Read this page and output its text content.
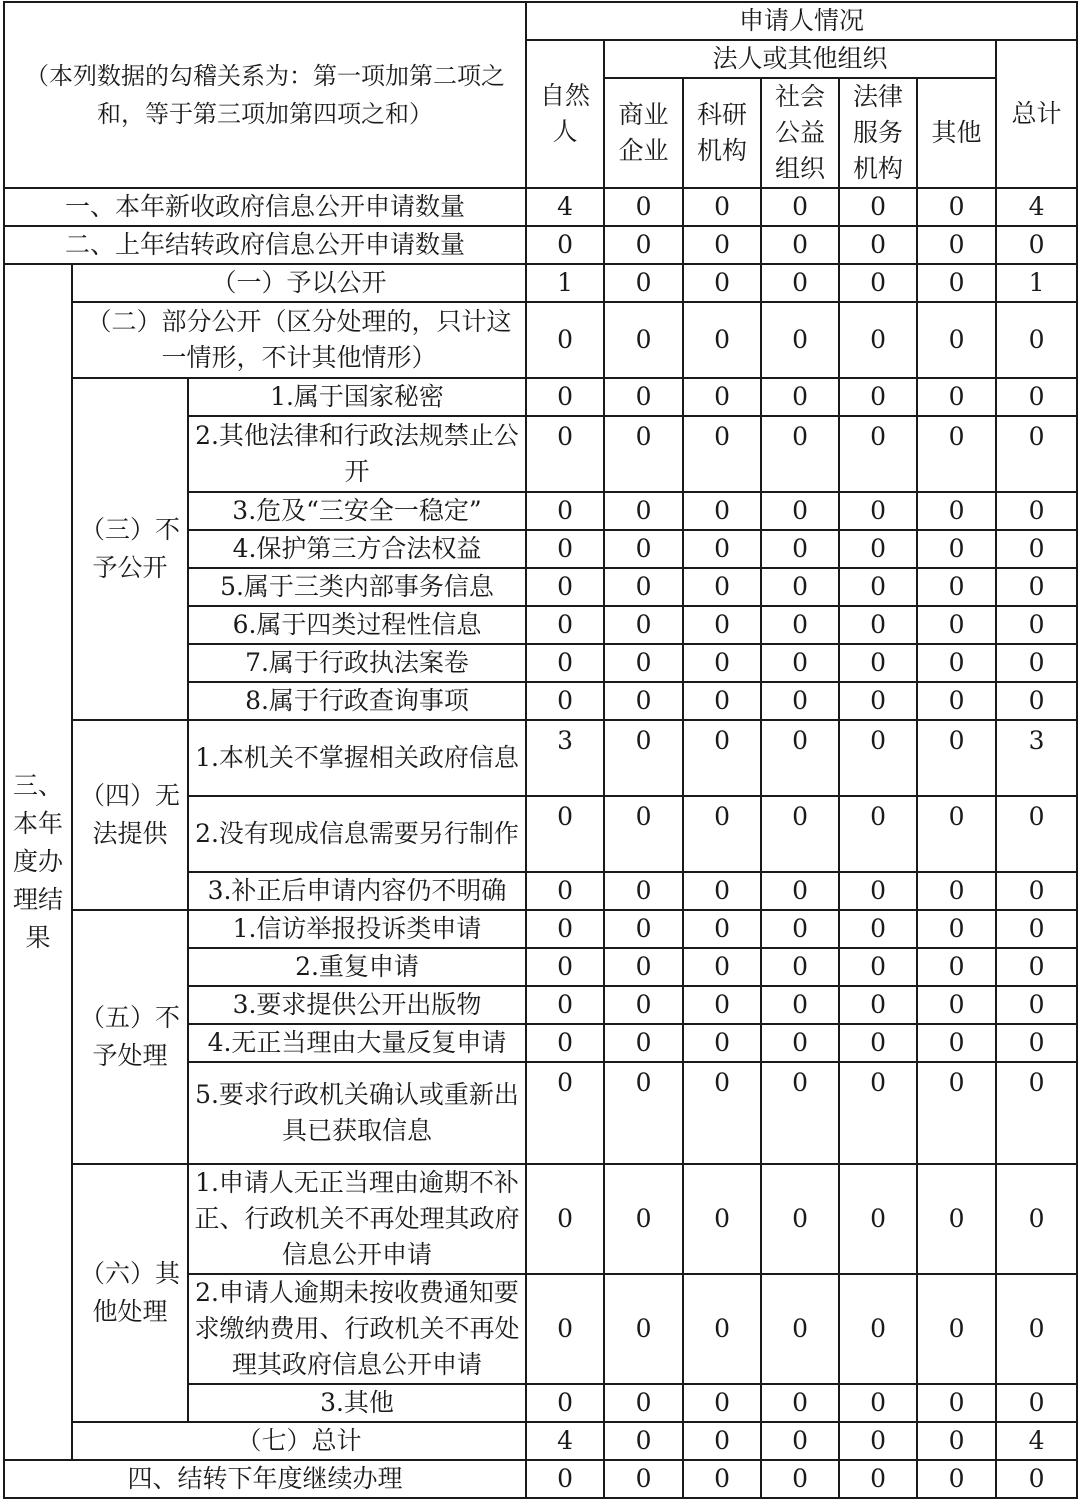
（本列数据的勾稽关系为：第一项加第二项之和，等于第三项加第四项之和）			申请人情况						
			自然人	法人或其他组织					总计
				商业企业	科研机构	社会公益组织	法律服务机构	其他	
一、本年新收政府信息公开申请数量			4	0	0	0	0	0	4
二、上年结转政府信息公开申请数量			0	0	0	0	0	0	0
三、本年度办理结果	（一）予以公开		1	0	0	0	0	0	1
	（二）部分公开（区分处理的，只计这一情形，不计其他情形）		0	0	0	0	0	0	0
	（三）不予公开	1.属于国家秘密	0	0	0	0	0	0	0
		2.其他法律和行政法规禁止公开	0	0	0	0	0	0	0
		3.危及“三安全一稳定”	0	0	0	0	0	0	0
		4.保护第三方合法权益	0	0	0	0	0	0	0
		5.属于三类内部事务信息	0	0	0	0	0	0	0
		6.属于四类过程性信息	0	0	0	0	0	0	0
		7.属于行政执法案卷	0	0	0	0	0	0	0
		8.属于行政查询事项	0	0	0	0	0	0	0
	（四）无法提供	1.本机关不掌握相关政府信息	3	0	0	0	0	0	3
		2.没有现成信息需要另行制作	0	0	0	0	0	0	0
		3.补正后申请内容仍不明确	0	0	0	0	0	0	0
	（五）不予处理	1.信访举报投诉类申请	0	0	0	0	0	0	0
		2.重复申请	0	0	0	0	0	0	0
		3.要求提供公开出版物	0	0	0	0	0	0	0
		4.无正当理由大量反复申请	0	0	0	0	0	0	0
		5.要求行政机关确认或重新出具已获取信息	0	0	0	0	0	0	0
	（六）其他处理	1.申请人无正当理由逾期不补正、行政机关不再处理其政府信息公开申请	0	0	0	0	0	0	0
		2.申请人逾期未按收费通知要求缴纳费用、行政机关不再处理其政府信息公开申请	0	0	0	0	0	0	0
		3.其他	0	0	0	0	0	0	0
	（七）总计		4	0	0	0	0	0	4
四、结转下年度继续办理			0	0	0	0	0	0	0
